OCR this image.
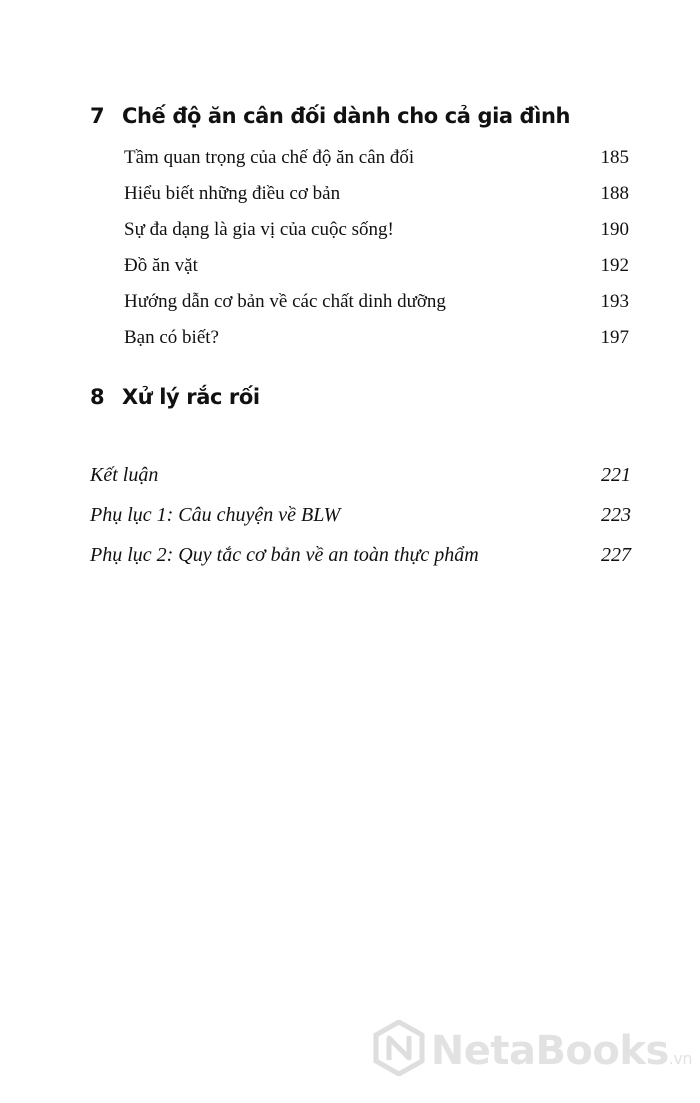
7 Chế độ ăn cân đối dành cho cả gia đình
Tầm quan trọng của chế độ ăn cân đối	185
Hiểu biết những điều cơ bản	188
Sự đa dạng là gia vị của cuộc sống!	190
Đồ ăn vặt	192
Hướng dẫn cơ bản về các chất dinh dưỡng	193
Bạn có biết?	197
8 Xử lý rắc rối
Kết luận	221
Phụ lục 1: Câu chuyện về BLW	223
Phụ lục 2: Quy tắc cơ bản về an toàn thực phẩm	227
NetaBooks.vn
